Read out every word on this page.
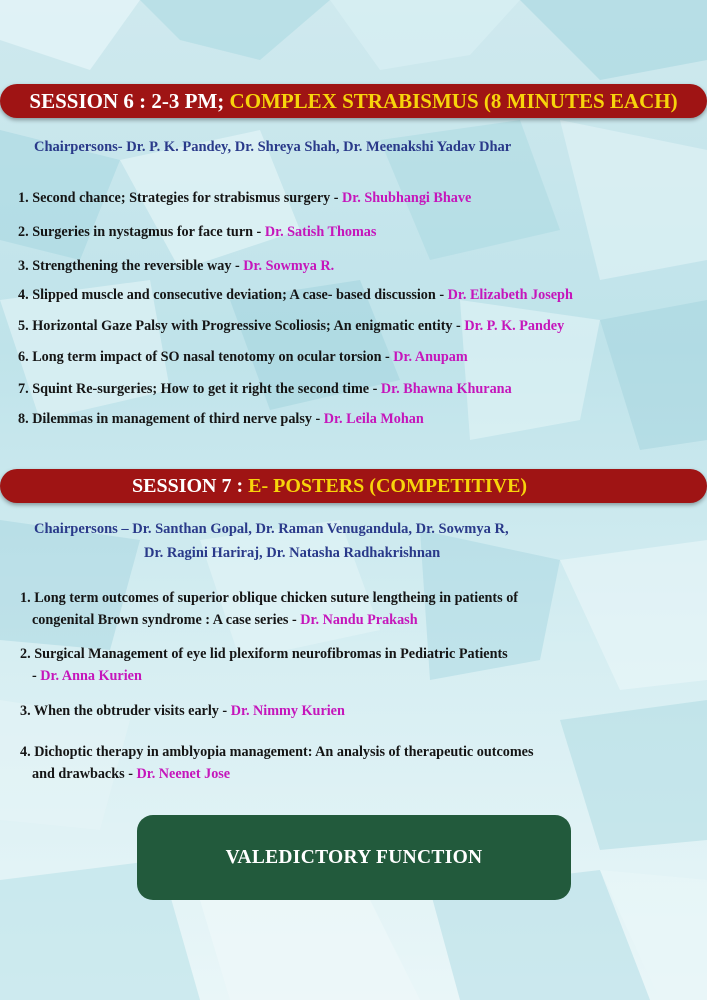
SESSION 6 : 2-3 PM;
COMPLEX STRABISMUS (8 MINUTES EACH)
Chairpersons- Dr. P. K. Pandey, Dr. Shreya Shah, Dr. Meenakshi Yadav Dhar
1. Second chance; Strategies for strabismus surgery - Dr. Shubhangi Bhave
2. Surgeries in nystagmus for face turn - Dr. Satish Thomas
3. Strengthening the reversible way - Dr. Sowmya R.
4. Slipped muscle and consecutive deviation; A case- based discussion - Dr. Elizabeth Joseph
5. Horizontal Gaze Palsy with Progressive Scoliosis; An enigmatic entity - Dr. P. K. Pandey
6. Long term impact of SO nasal tenotomy on ocular torsion - Dr. Anupam
7. Squint Re-surgeries; How to get it right the second time - Dr. Bhawna Khurana
8. Dilemmas in management of third nerve palsy - Dr. Leila Mohan
SESSION 7 :
E- POSTERS (COMPETITIVE)
Chairpersons – Dr. Santhan Gopal, Dr. Raman Venugandula, Dr. Sowmya R,
Dr. Ragini Hariraj, Dr. Natasha Radhakrishnan
1. Long term outcomes of superior oblique chicken suture lengtheing in patients of
congenital Brown syndrome : A case series - Dr. Nandu Prakash
2. Surgical Management of eye lid plexiform neurofibromas in Pediatric Patients
- Dr. Anna Kurien
3. When the obtruder visits early - Dr. Nimmy Kurien
4. Dichoptic therapy in amblyopia management: An analysis of therapeutic outcomes
and drawbacks - Dr. Neenet Jose
VALEDICTORY FUNCTION
